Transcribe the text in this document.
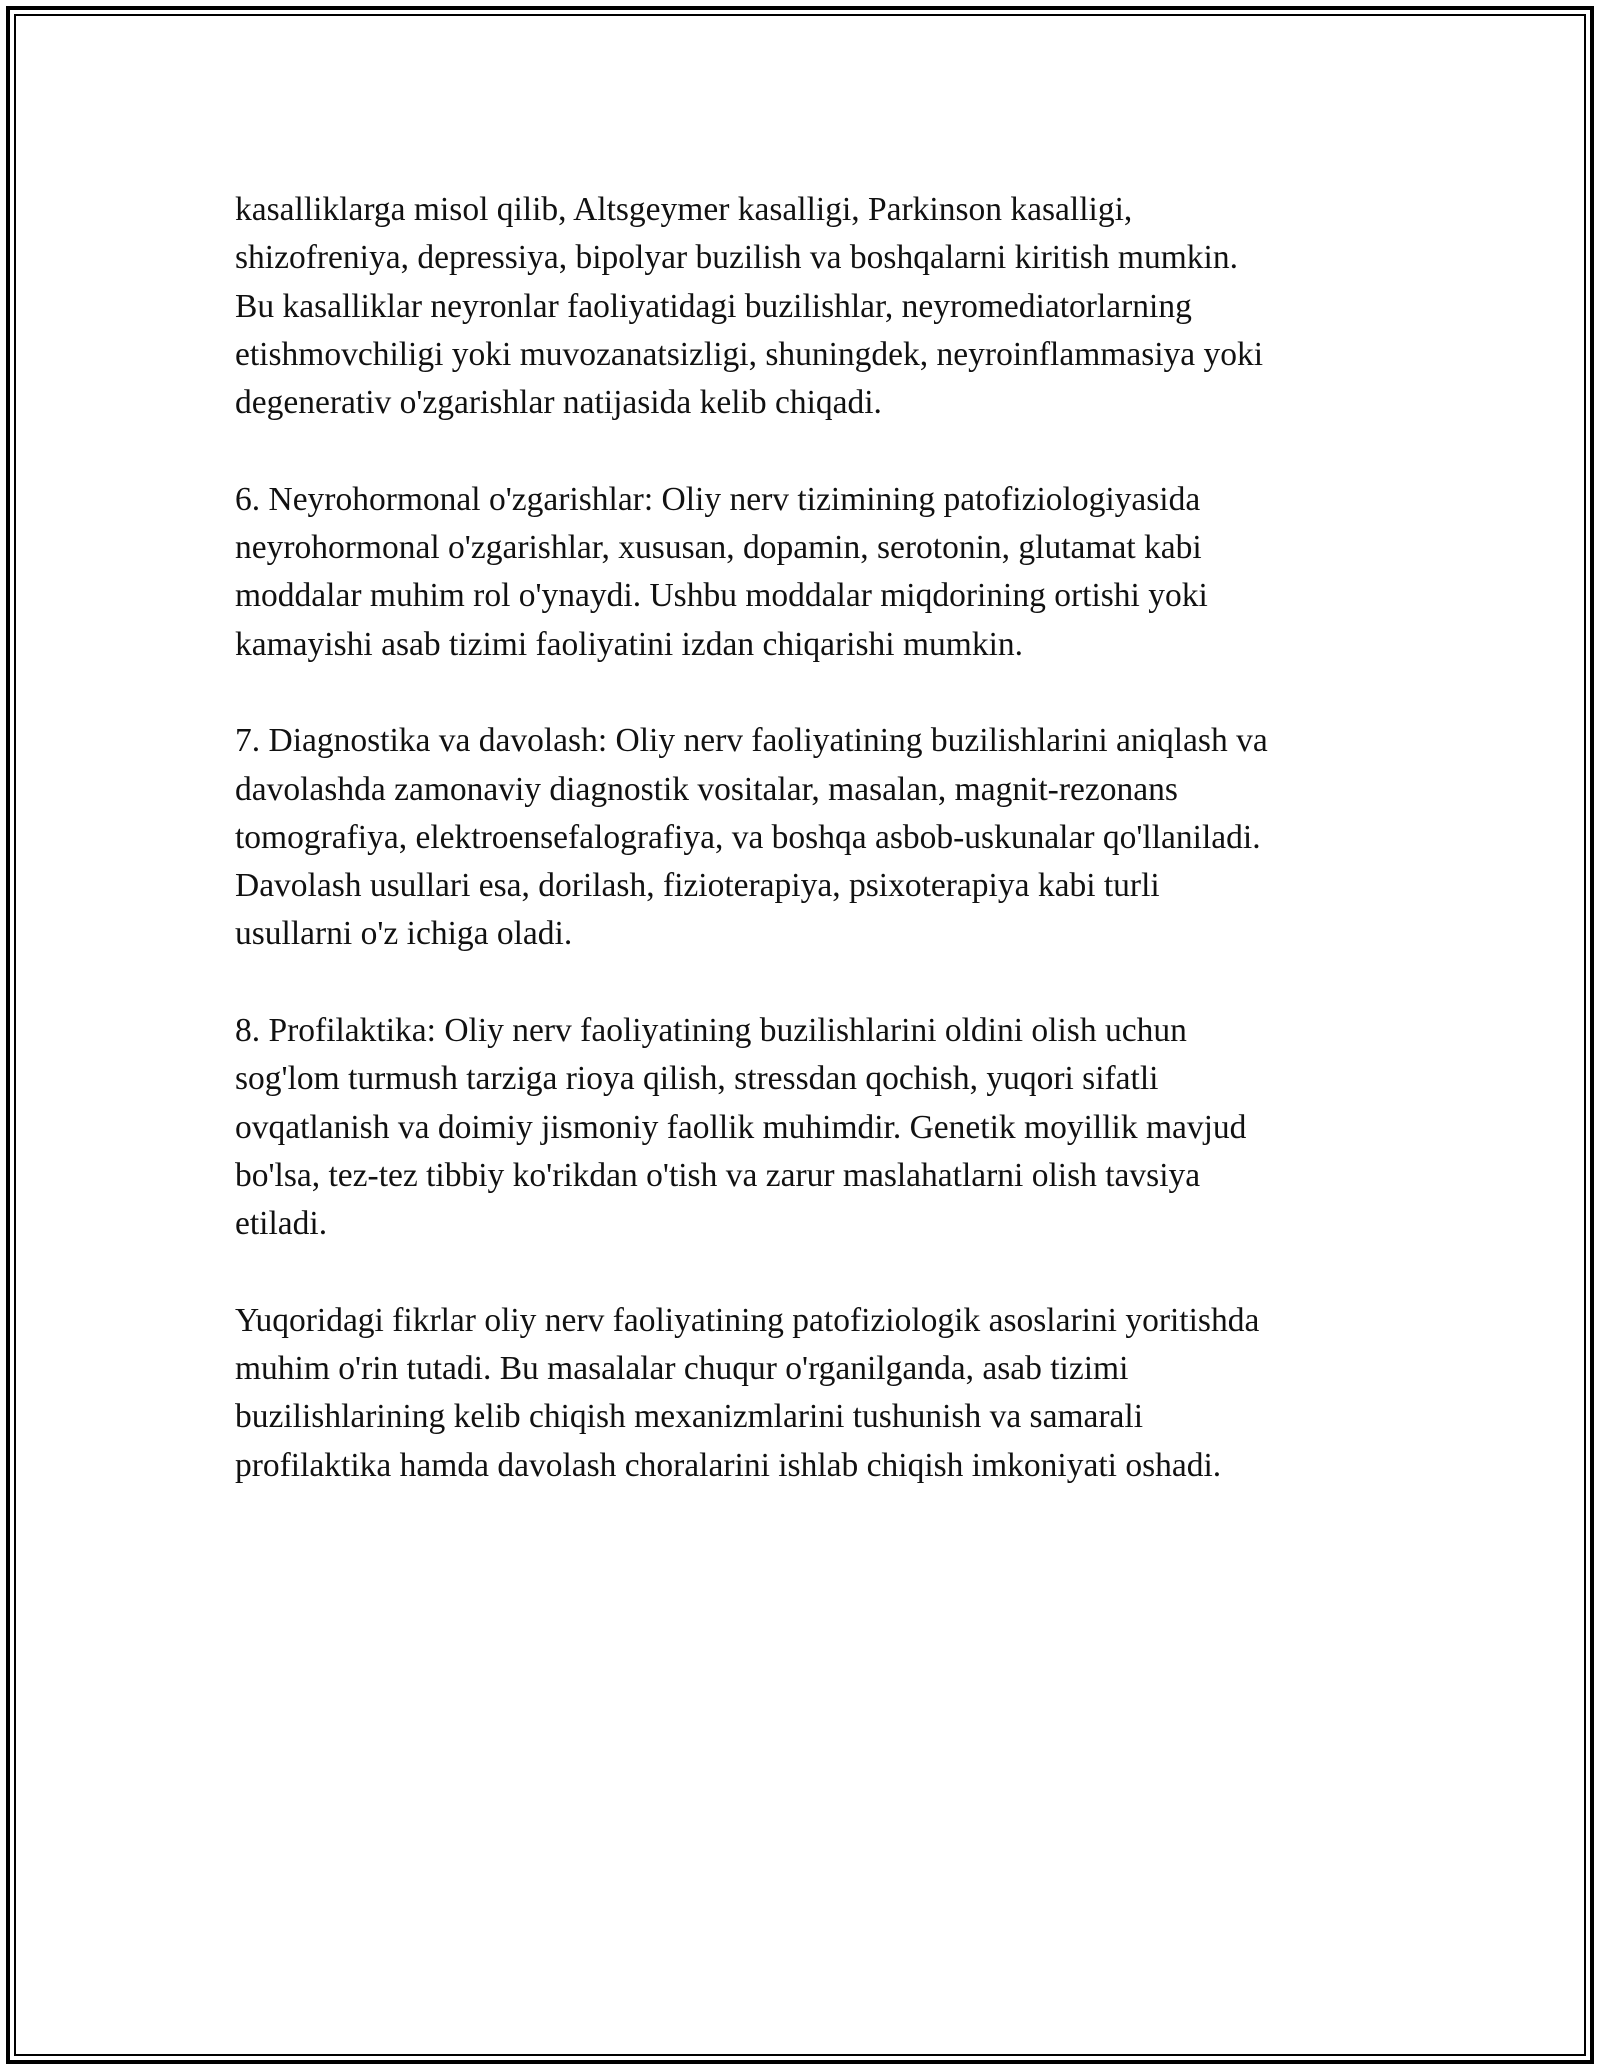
kasalliklarga misol qilib, Altsgeymer kasalligi, Parkinson kasalligi,
shizofreniya, depressiya, bipolyar buzilish va boshqalarni kiritish mumkin.
Bu kasalliklar neyronlar faoliyatidagi buzilishlar, neyromediatorlarning
etishmovchiligi yoki muvozanatsizligi, shuningdek, neyroinflammasiya yoki
degenerativ o'zgarishlar natijasida kelib chiqadi.

6. Neyrohormonal o'zgarishlar: Oliy nerv tizimining patofiziologiyasida
neyrohormonal o'zgarishlar, xususan, dopamin, serotonin, glutamat kabi
moddalar muhim rol o'ynaydi. Ushbu moddalar miqdorining ortishi yoki
kamayishi asab tizimi faoliyatini izdan chiqarishi mumkin.

7. Diagnostika va davolash: Oliy nerv faoliyatining buzilishlarini aniqlash va
davolashda zamonaviy diagnostik vositalar, masalan, magnit-rezonans
tomografiya, elektroensefalografiya, va boshqa asbob-uskunalar qo'llaniladi.
Davolash usullari esa, dorilash, fizioterapiya, psixoterapiya kabi turli
usullarni o'z ichiga oladi.

8. Profilaktika: Oliy nerv faoliyatining buzilishlarini oldini olish uchun
sog'lom turmush tarziga rioya qilish, stressdan qochish, yuqori sifatli
ovqatlanish va doimiy jismoniy faollik muhimdir. Genetik moyillik mavjud
bo'lsa, tez-tez tibbiy ko'rikdan o'tish va zarur maslahatlarni olish tavsiya
etiladi.

Yuqoridagi fikrlar oliy nerv faoliyatining patofiziologik asoslarini yoritishda
muhim o'rin tutadi. Bu masalalar chuqur o'rganilganda, asab tizimi
buzilishlarining kelib chiqish mexanizmlarini tushunish va samarali
profilaktika hamda davolash choralarini ishlab chiqish imkoniyati oshadi.
